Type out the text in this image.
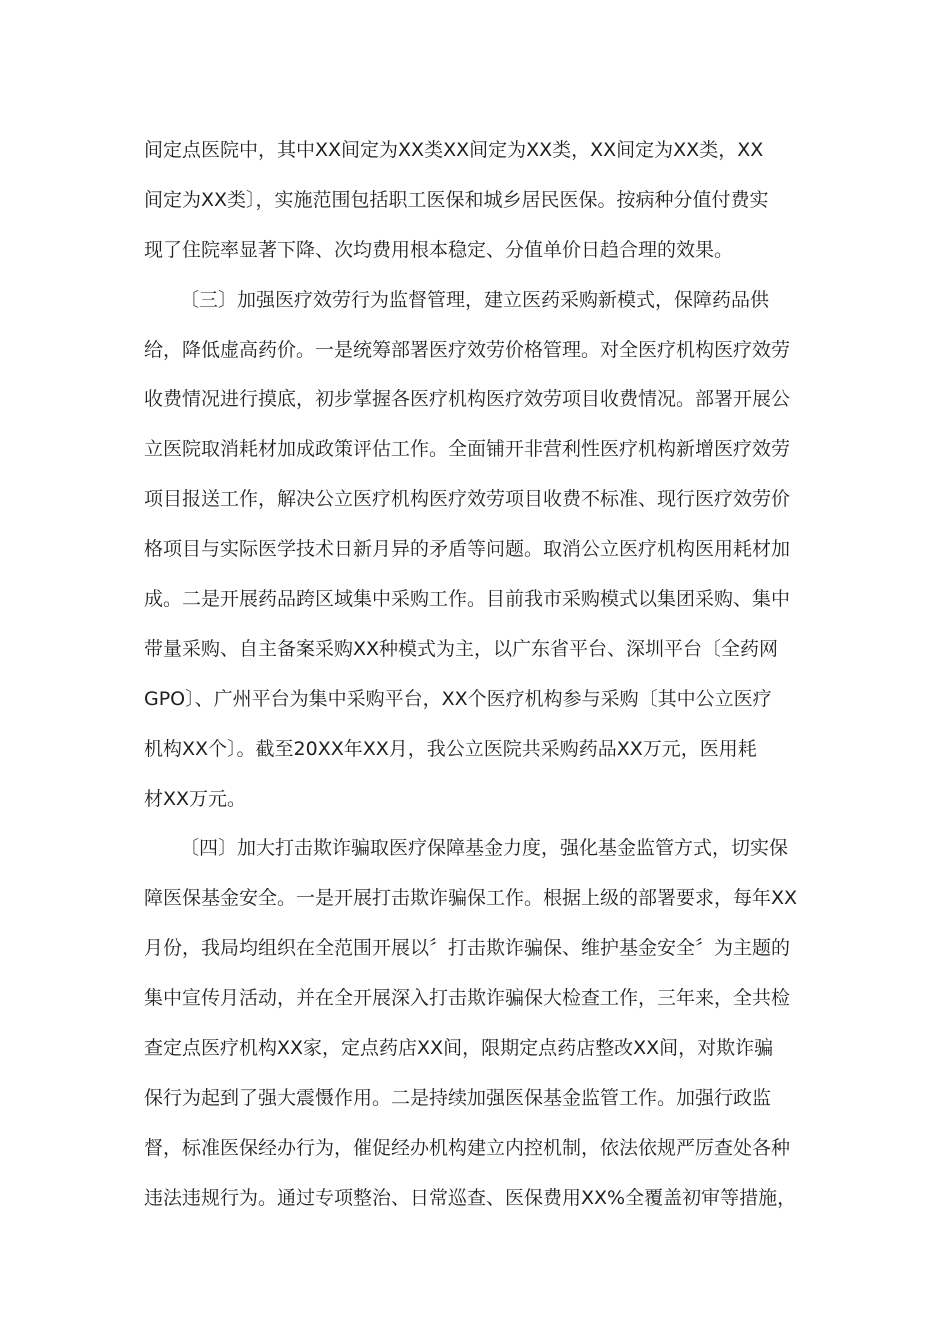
间定点医院中，其中XX间定为XX类XX间定为XX类，XX间定为XX类，XX
间定为XX类〕，实施范围包括职工医保和城乡居民医保。按病种分值付费实
现了住院率显著下降、次均费用根本稳定、分值单价日趋合理的效果。
〔三〕加强医疗效劳行为监督管理，建立医药采购新模式，保障药品供
给，降低虚高药价。一是统筹部署医疗效劳价格管理。对全医疗机构医疗效劳
收费情况进行摸底，初步掌握各医疗机构医疗效劳项目收费情况。部署开展公
立医院取消耗材加成政策评估工作。全面铺开非营利性医疗机构新增医疗效劳
项目报送工作，解决公立医疗机构医疗效劳项目收费不标准、现行医疗效劳价
格项目与实际医学技术日新月异的矛盾等问题。取消公立医疗机构医用耗材加
成。二是开展药品跨区域集中采购工作。目前我市采购模式以集团采购、集中
带量采购、自主备案采购XX种模式为主，以广东省平台、深圳平台〔全药网
GPO〕、广州平台为集中采购平台，XX个医疗机构参与采购〔其中公立医疗
机构XX个〕。截至20XX年XX月，我公立医院共采购药品XX万元，医用耗
材XX万元。
〔四〕加大打击欺诈骗取医疗保障基金力度，强化基金监管方式，切实保
障医保基金安全。一是开展打击欺诈骗保工作。根据上级的部署要求，每年XX
月份，我局均组织在全范围开展以〞打击欺诈骗保、维护基金安全〞为主题的
集中宣传月活动，并在全开展深入打击欺诈骗保大检查工作，三年来，全共检
查定点医疗机构XX家，定点药店XX间，限期定点药店整改XX间，对欺诈骗
保行为起到了强大震慑作用。二是持续加强医保基金监管工作。加强行政监
督，标准医保经办行为，催促经办机构建立内控机制，依法依规严厉查处各种
违法违规行为。通过专项整治、日常巡查、医保费用XX%全覆盖初审等措施，
